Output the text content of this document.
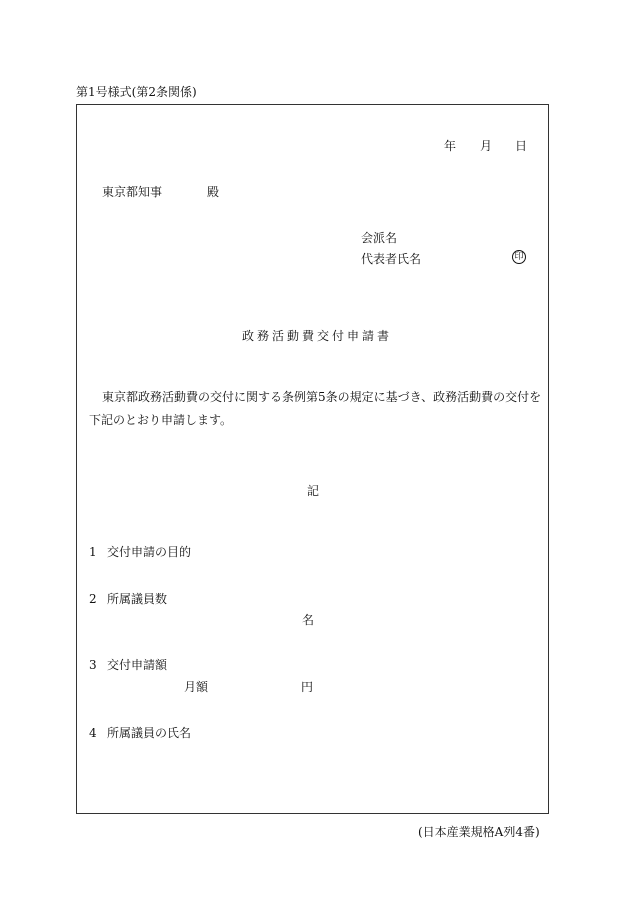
第1号様式(第2条関係)
年 月 日
東京都知事	殿
会派名
代表者氏名	印
政務活動費交付申請書
東京都政務活動費の交付に関する条例第5条の規定に基づき、政務活動費の交付を
下記のとおり申請します。
記
1 交付申請の目的
2 所属議員数
名
3 交付申請額
月額	円
4 所属議員の氏名
(日本産業規格A列4番)
